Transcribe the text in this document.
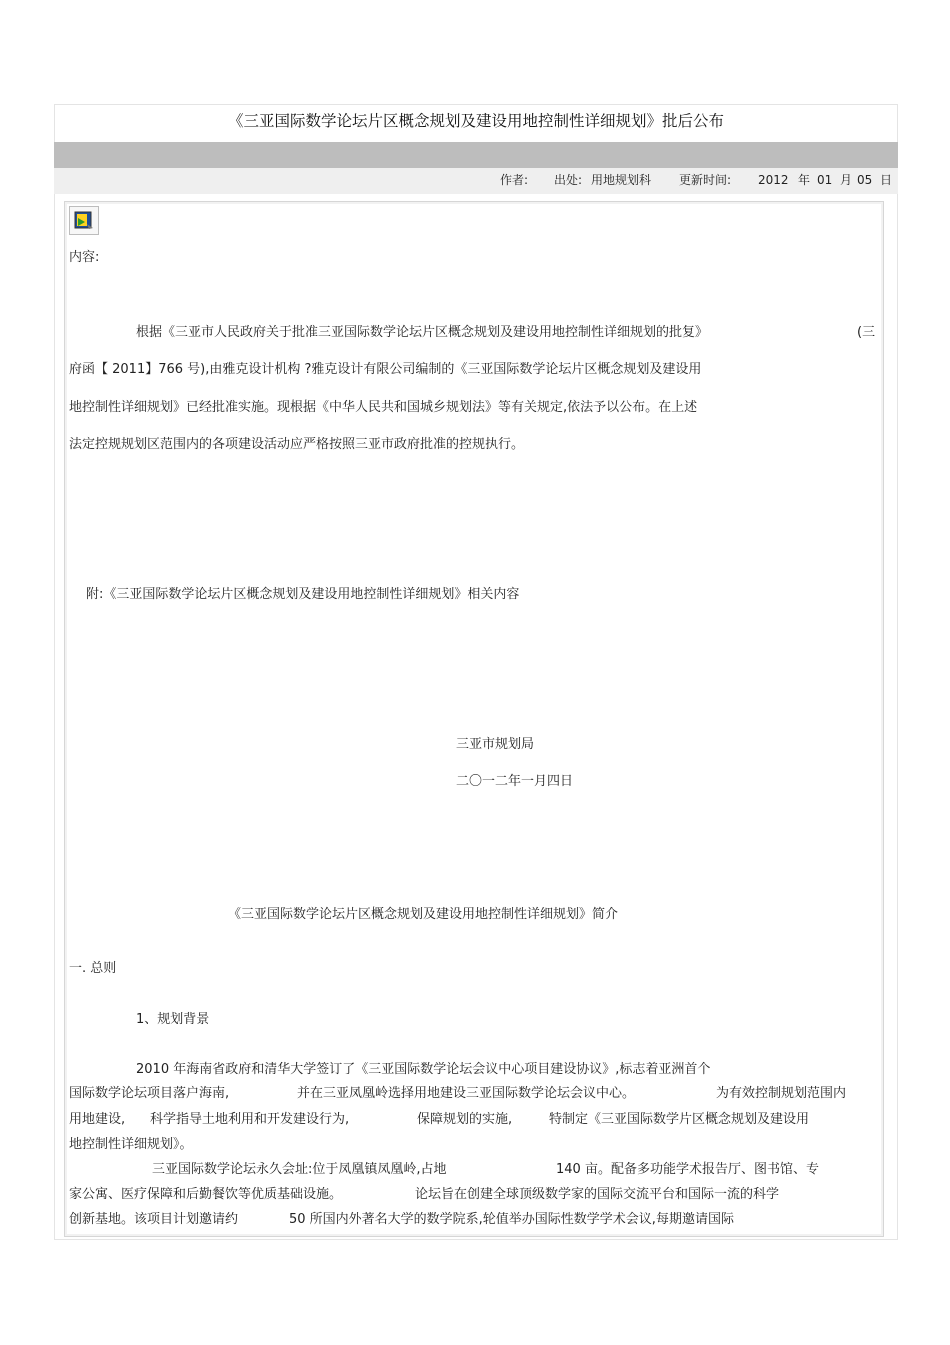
《三亚国际数学论坛片区概念规划及建设用地控制性详细规划》批后公布
作者: 出处: 用地规划科 更新时间: 2012 年 01 月 05 日
内容:
根据《三亚市人民政府关于批准三亚国际数学论坛片区概念规划及建设用地控制性详细规划的批复》	(三
府函【 2011】766 号),由雅克设计机构 ?雅克设计有限公司编制的《三亚国际数学论坛片区概念规划及建设用
地控制性详细规划》已经批准实施。现根据《中华人民共和国城乡规划法》等有关规定,依法予以公布。在上述
法定控规规划区范围内的各项建设活动应严格按照三亚市政府批准的控规执行。
附:《三亚国际数学论坛片区概念规划及建设用地控制性详细规划》相关内容
三亚市规划局
二〇一二年一月四日
《三亚国际数学论坛片区概念规划及建设用地控制性详细规划》简介
一. 总则
1、规划背景
2010 年海南省政府和清华大学签订了《三亚国际数学论坛会议中心项目建设协议》,标志着亚洲首个
国际数学论坛项目落户海南,	并在三亚凤凰岭选择用地建设三亚国际数学论坛会议中心。	为有效控制规划范围内
用地建设, 科学指导土地利用和开发建设行为,	保障规划的实施,	特制定《三亚国际数学片区概念规划及建设用
地控制性详细规划》。
三亚国际数学论坛永久会址:位于凤凰镇凤凰岭,占地	140 亩。配备多功能学术报告厅、图书馆、专
家公寓、医疗保障和后勤餐饮等优质基础设施。	论坛旨在创建全球顶级数学家的国际交流平台和国际一流的科学
创新基地。该项目计划邀请约	50 所国内外著名大学的数学院系,轮值举办国际性数学学术会议,每期邀请国际
